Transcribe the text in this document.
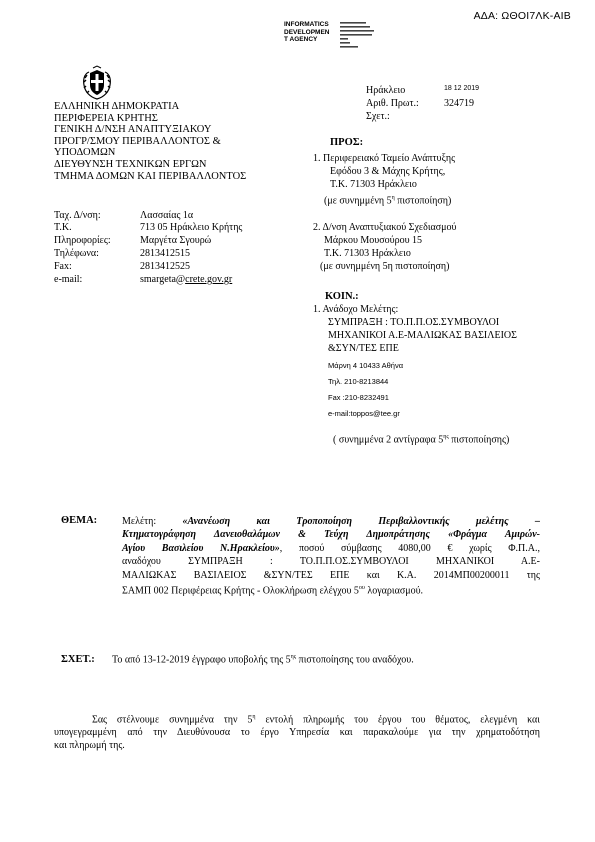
ΑΔΑ: ΩΘΟΙ7ΛΚ-ΑΙΒ
INFORMATICS
DEVELOPMEN
T AGENCY
ΕΛΛΗΝΙΚΗ ΔΗΜΟΚΡΑΤΙΑ
ΠΕΡΙΦΕΡΕΙΑ ΚΡΗΤΗΣ
ΓΕΝΙΚΗ Δ/ΝΣΗ ΑΝΑΠΤΥΞΙΑΚΟΥ
ΠΡΟΓΡ/ΣΜΟΥ ΠΕΡΙΒΑΛΛΟΝΤΟΣ &
ΥΠΟΔΟΜΩΝ
ΔΙΕΥΘΥΝΣΗ ΤΕΧΝΙΚΩΝ ΕΡΓΩΝ
ΤΜΗΜΑ ΔΟΜΩΝ ΚΑΙ ΠΕΡΙΒΑΛΛΟΝΤΟΣ
Ταχ. Δ/νση:	Λασσαίας 1α
Τ.Κ.	713 05 Ηράκλειο Κρήτης
Πληροφορίες:	Μαργέτα Σγουρώ
Τηλέφωνα:	2813412515
Fax:	2813412525
e-mail:	smargeta@crete.gov.gr
Ηράκλειο	18 12 2019
Αριθ. Πρωτ.:	324719
Σχετ.:
ΠΡΟΣ:
1. Περιφερειακό Ταμείο Ανάπτυξης
Εφόδου 3 & Μάχης Κρήτης,
Τ.Κ. 71303 Ηράκλειο
(με συνημμένη $5^\eta$ πιστοποίηση)
2. Δ/νση Αναπτυξιακού Σχεδιασμού
Μάρκου Μουσούρου 15
Τ.Κ. 71303 Ηράκλειο
(με συνημμένη 5η πιστοποίηση)
ΚΟΙΝ.:
1. Ανάδοχο Μελέτης:
ΣΥΜΠΡΑΞΗ : ΤΟ.Π.Π.ΟΣ.ΣΥΜΒΟΥΛΟΙ
ΜΗΧΑΝΙΚΟΙ Α.Ε-ΜΑΛΙΩΚΑΣ ΒΑΣΙΛΕΙΟΣ
&ΣΥΝ/ΤΕΣ ΕΠΕ
Μάρνη 4 10433 Αθήνα
Τηλ. 210-8213844
Fax :210-8232491
e-mail:toppos@tee.gr
( συνημμένα 2 αντίγραφα $5^{\eta\varsigma}$ πιστοποίησης)
ΘΕΜΑ: Μελέτη: «Ανανέωση και Τροποποίηση Περιβαλλοντικής μελέτης –
Κτηματογράφηση Δανειοθαλάμων & Τεύχη Δημοπράτησης «Φράγμα Αμιρών-
Αγίου Βασιλείου Ν.Ηρακλείου», ποσού σύμβασης 4080,00 € χωρίς Φ.Π.Α.,
αναδόχου ΣΥΜΠΡΑΞΗ : ΤΟ.Π.Π.ΟΣ.ΣΥΜΒΟΥΛΟΙ ΜΗΧΑΝΙΚΟΙ Α.Ε-
ΜΑΛΙΩΚΑΣ ΒΑΣΙΛΕΙΟΣ &ΣΥΝ/ΤΕΣ ΕΠΕ και Κ.Α. 2014ΜΠ00200011 της
ΣΑΜΠ 002 Περιφέρειας Κρήτης - Ολοκλήρωση ελέγχου $5^{o\upsilon}$ λογαριασμού.
ΣΧΕΤ.: Το από 13-12-2019 έγγραφο υποβολής της $5^{\eta\varsigma}$ πιστοποίησης του αναδόχου.
Σας στέλνουμε συνημμένα την $5^\eta$ εντολή πληρωμής του έργου του θέματος, ελεγμένη και
υπογεγραμμένη από την Διευθύνουσα το έργο Υπηρεσία και παρακαλούμε για την χρηματοδότηση
και πληρωμή της.
